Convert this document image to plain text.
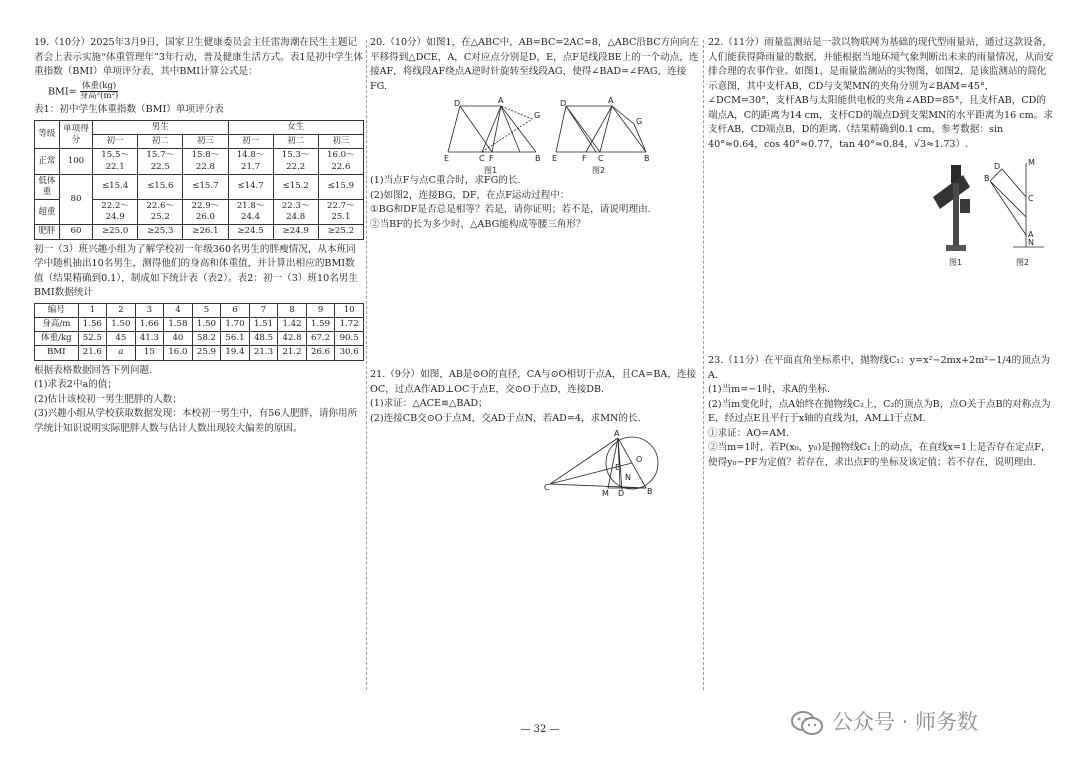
19.（10分）2025年3月9日，国家卫生健康委员会主任雷海潮在民生主题记者会上表示实施“体重管理年”3年行动，普及健康生活方式。表1是初中学生体重指数（BMI）单项评分表，其中BMI计算公式是：

$BMI= \frac{\text{体重(kg)}}{\text{身高²(m²)}}$

表1：初中学生体重指数（BMI）单项评分表

等级	单项得分	男生			女生		
		初一	初二	初三	初一	初二	初三
正常	100	15.5～22.1	15.7～22.5	15.8～22.8	14.8～21.7	15.3～22.2	16.0～22.6
低体重	80	≤15.4	≤15.6	≤15.7	≤14.7	≤15.2	≤15.9
超重		22.2～24.9	22.6～25.2	22.9～26.0	21.8～24.4	22.3～24.8	22.7～25.1
肥胖	60	≥25.0	≥25.3	≥26.1	≥24.5	≥24.9	≥25.2

初一（3）班兴趣小组为了解学校初一年级360名男生的胖瘦情况，从本班同学中随机抽出10名男生，测得他们的身高和体重值，并计算出相应的BMI数值（结果精确到0.1），制成如下统计表（表2）。表2：初一（3）班10名男生BMI数据统计

编号	1	2	3	4	5	6	7	8	9	10
身高/m	1.56	1.50	1.66	1.58	1.50	1.70	1.51	1.42	1.59	1.72
体重/kg	52.5	45	41.3	40	58.2	56.1	48.5	42.8	67.2	90.5
BMI	21.6	a	15	16.0	25.9	19.4	21.3	21.2	26.6	30.6

根据表格数据回答下列问题.

(1)求表2中a的值；

(2)估计该校初一男生肥胖的人数；

(3)兴趣小组从学校获取数据发现：本校初一男生中，有56人肥胖，请你用所学统计知识说明实际肥胖人数与估计人数出现较大偏差的原因。

20.（10分）如图1，在△ABC中，AB=BC=2AC=8，△ABC沿BC方向向左平移得到△DCE，A，C对应点分别是D，E，点F是线段BE上的一个动点，连接AF，将线段AF绕点A逆时针旋转至线段AG，使得∠BAD=∠FAG，连接FG.

D	A
G
E	C F	B
图1
D	A
G
E	F C	B
图2

(1)当点F与点C重合时，求FG的长.

(2)如图2，连接BG，DF，在点F运动过程中：

①BG和DF是否总是相等？若是，请你证明；若不是，请说明理由.

②当BF的长为多少时，△ABG能构成等腰三角形？

21.（9分）如图，AB是⊙O的直径，CA与⊙O相切于点A，且CA=BA，连接OC，过点A作AD⊥OC于点E，交⊙O于点D，连接DB.

(1)求证：△ACE≌△BAD；

(2)连接CB交⊙O于点M，交AD于点N，若AD=4，求MN的长.

A
O
E
N
C
M D	B

22.（11分）雨量监测站是一款以物联网为基础的现代型雨量站，通过这款设备，人们能获得降雨量的数据，并能根据当地环境气象判断出未来的雨量情况，从而安排合理的农事作业。如图1，是雨量监测站的实物图，如图2，是该监测站的简化示意图，其中支杆AB，CD与支架MN的夹角分别为∠BAM=45°，∠DCM=30°，支杆AB与太阳能供电板的夹角∠ABD=85°，且支杆AB，CD的端点A，C的距离为14 cm，支杆CD的端点D到支架MN的水平距离为16 cm。求支杆AB，CD端点B，D的距离.（结果精确到0.1 cm，参考数据：sin 40°≈0.64，cos 40°≈0.77，tan 40°≈0.84，√3≈1.73）.

图1
M
D
B
C
A
N
图2

23.（11分）在平面直角坐标系中，抛物线C₁：y=x²−2mx+2m²−1/4的顶点为A.

(1)当m=−1时，求A的坐标.

(2)当m变化时，点A始终在抛物线C₂上，C₂的顶点为B，点O关于点B的对称点为E，经过点E且平行于x轴的直线为l，AM⊥l于点M.

①求证：AO=AM.

②当m=1时，若P(x₀，y₀)是抛物线C₁上的动点，在直线x=1上是否存在定点F，使得y₀−PF为定值？若存在，求出点F的坐标及该定值；若不存在，说明理由.

— 32 —	公众号 · 师务数
